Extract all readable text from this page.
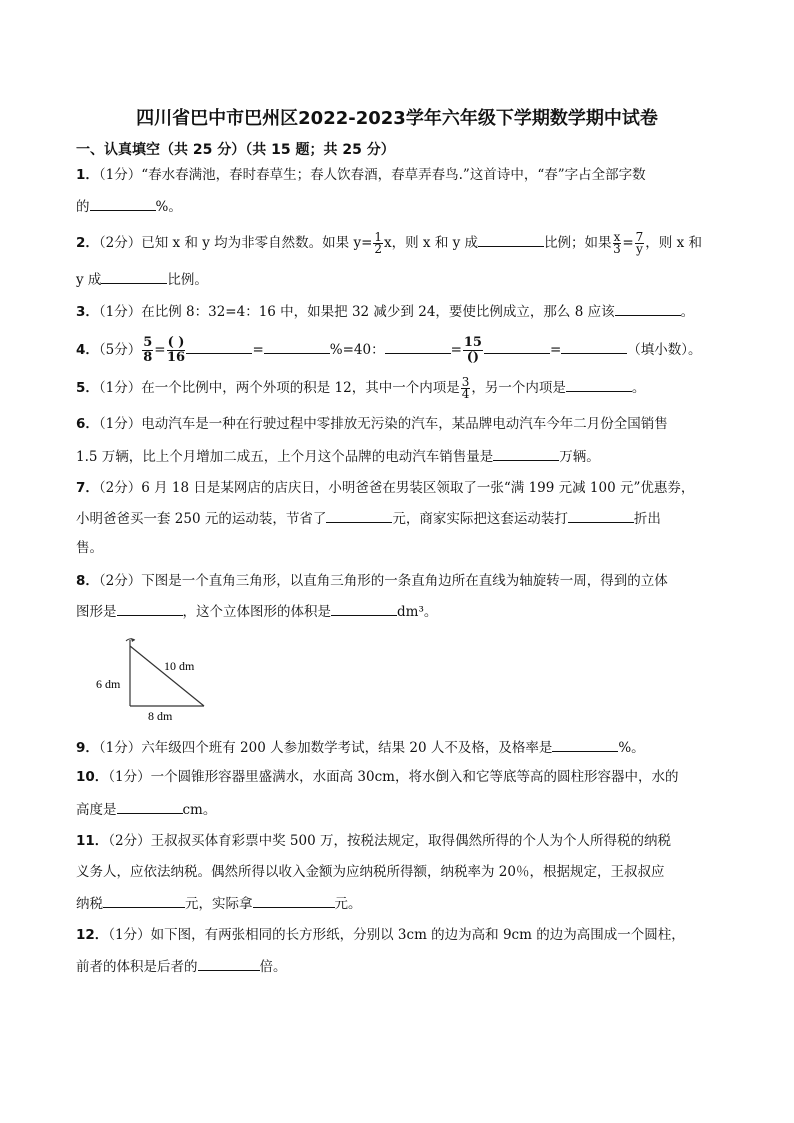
四川省巴中市巴州区2022-2023学年六年级下学期数学期中试卷
一、认真填空（共 25 分）（共 15 题；共 25 分）
1．（1分）“春水春满池，春时春草生；春人饮春酒，春草弄春鸟.”这首诗中，“春”字占全部字数
的	%。
2．（2分）已知 x 和 y 均为非零自然数。如果 $y= \frac{1}{2}$ x，则 x 和 y 成	比例；如果 $\frac{x}{3} = \frac{7}{y}$ ，则 x 和
y 成	比例。
3．（1分）在比例 8：32=4：16 中，如果把 32 减少到 24，要使比例成立，那么 8 应该	。
4．（5分） $\frac{5}{8} = \frac{( )}{16}$	=	%=40：	= $\frac{15}{()}$	=	（填小数）。
5．（1分）在一个比例中，两个外项的积是 12，其中一个内项是 $\frac{3}{4}$ ，另一个内项是	。
6．（1分）电动汽车是一种在行驶过程中零排放无污染的汽车，某品牌电动汽车今年二月份全国销售
1.5 万辆，比上个月增加二成五，上个月这个品牌的电动汽车销售量是	万辆。
7．（2分）6 月 18 日是某网店的店庆日，小明爸爸在男装区领取了一张“满 199 元减 100 元”优惠券，
小明爸爸买一套 250 元的运动装，节省了	元，商家实际把这套运动装打	折出
售。
8．（2分）下图是一个直角三角形，以直角三角形的一条直角边所在直线为轴旋转一周，得到的立体
图形是	，这个立体图形的体积是	dm³。
10 dm
6 dm
8 dm
9．（1分）六年级四个班有 200 人参加数学考试，结果 20 人不及格，及格率是	%。
10．（1分）一个圆锥形容器里盛满水，水面高 30cm，将水倒入和它等底等高的圆柱形容器中，水的
高度是	cm。
11．（2分）王叔叔买体育彩票中奖 500 万，按税法规定，取得偶然所得的个人为个人所得税的纳税
义务人，应依法纳税。偶然所得以收入金额为应纳税所得额，纳税率为 20％，根据规定，王叔叔应
纳税	元，实际拿	元。
12．（1分）如下图，有两张相同的长方形纸，分别以 3cm 的边为高和 9cm 的边为高围成一个圆柱，
前者的体积是后者的	倍。
